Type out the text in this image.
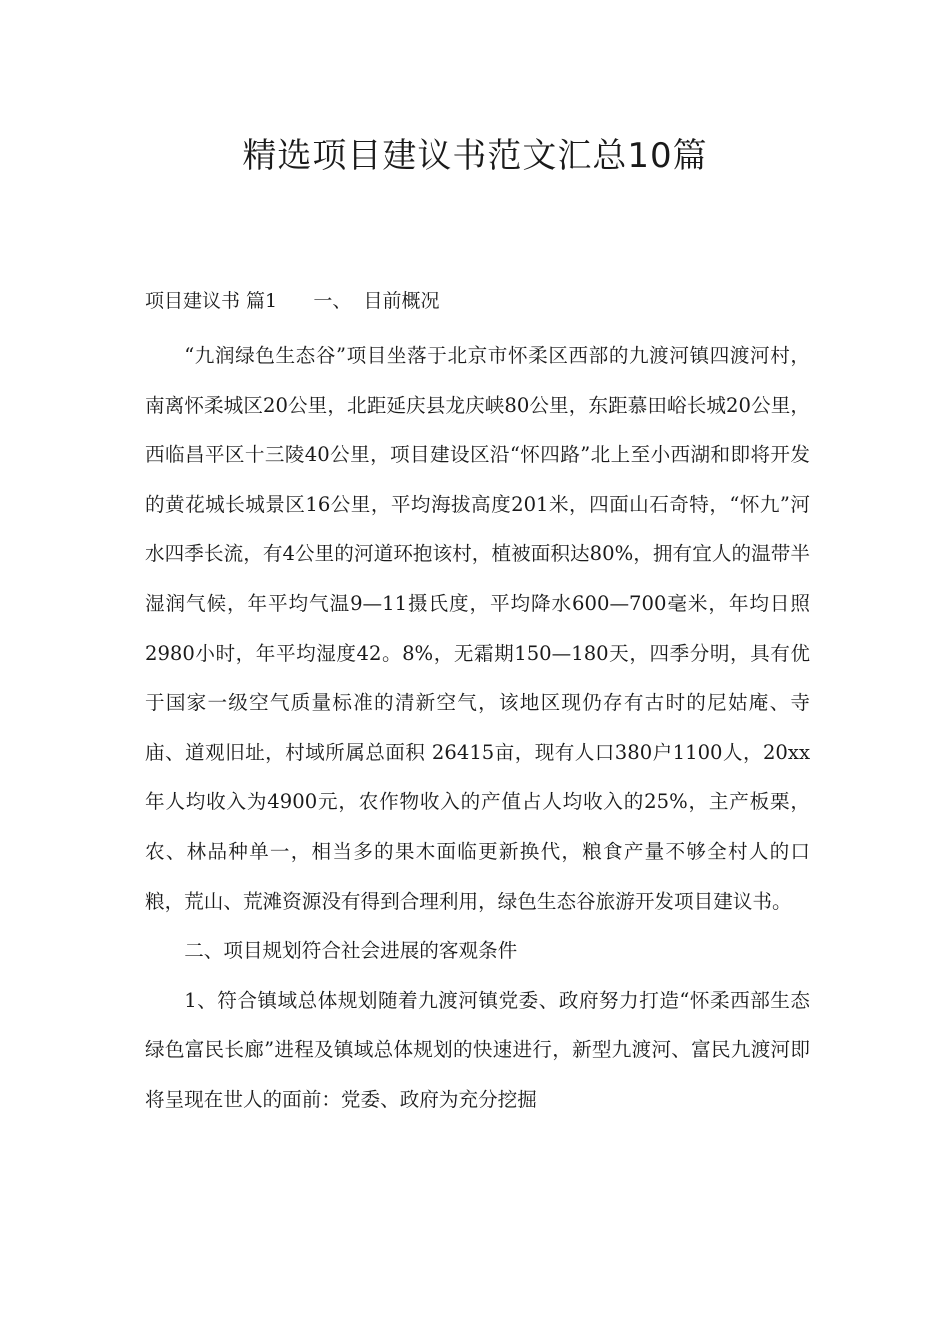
精选项目建议书范文汇总10篇
项目建议书 篇1      一、  目前概况

“九润绿色生态谷”项目坐落于北京市怀柔区西部的九渡河镇四渡河村，南离怀柔城区20公里，北距延庆县龙庆峡80公里，东距慕田峪长城20公里，西临昌平区十三陵40公里，项目建设区沿“怀四路”北上至小西湖和即将开发的黄花城长城景区16公里，平均海拔高度201米，四面山石奇特，“怀九”河水四季长流，有4公里的河道环抱该村，植被面积达80%，拥有宜人的温带半湿润气候，年平均气温9—11摄氏度，平均降水600—700毫米，年均日照2980小时，年平均湿度42。8%，无霜期150—180天，四季分明，具有优于国家一级空气质量标准的清新空气，该地区现仍存有古时的尼姑庵、寺庙、道观旧址，村域所属总面积 26415亩，现有人口380户1100人，20xx年人均收入为4900元，农作物收入的产值占人均收入的25%，主产板栗，农、林品种单一，相当多的果木面临更新换代，粮食产量不够全村人的口粮，荒山、荒滩资源没有得到合理利用，绿色生态谷旅游开发项目建议书。

二、项目规划符合社会进展的客观条件

1、符合镇域总体规划随着九渡河镇党委、政府努力打造“怀柔西部生态绿色富民长廊”进程及镇域总体规划的快速进行，新型九渡河、富民九渡河即将呈现在世人的面前：党委、政府为充分挖掘
